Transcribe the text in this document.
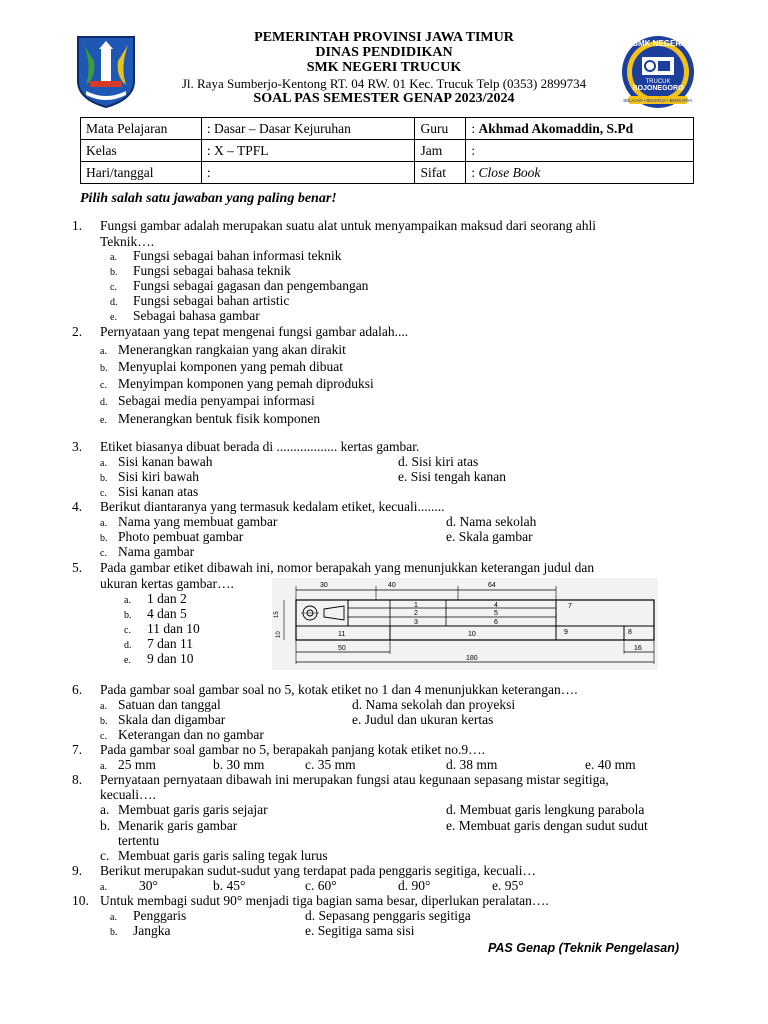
SMK NEGERI
TRUCUK
BOJONEGORO
BELAJAR • BEKERJA • BERKARYA
PEMERINTAH PROVINSI JAWA TIMUR
DINAS PENDIDIKAN
SMK NEGERI TRUCUK
Jl. Raya Sumberjo-Kentong RT. 04 RW. 01 Kec. Trucuk Telp (0353) 2899734
SOAL PAS SEMESTER GENAP 2023/2024
Mata Pelajaran	: Dasar – Dasar Kejuruhan	Guru	: Akhmad Akomaddin, S.Pd
Kelas	: X – TPFL	Jam	:
Hari/tanggal	:	Sifat	: Close Book
Pilih salah satu jawaban yang paling benar!
1. Fungsi gambar adalah merupakan suatu alat untuk menyampaikan maksud dari seorang ahli
Teknik….
a. Fungsi sebagai bahan informasi teknik
b. Fungsi sebagai bahasa teknik
c. Fungsi sebagai gagasan dan pengembangan
d. Fungsi sebagai bahan artistic
e. Sebagai bahasa gambar
2. Pernyataan yang tepat mengenai fungsi gambar adalah....
a. Menerangkan rangkaian yang akan dirakit
b. Menyuplai komponen yang pemah dibuat
c. Menyimpan komponen yang pemah diproduksi
d. Sebagai media penyampai informasi
e. Menerangkan bentuk fisik komponen
3. Etiket biasanya dibuat berada di .................. kertas gambar.
a. Sisi kanan bawah	d. Sisi kiri atas
b. Sisi kiri bawah	e. Sisi tengah kanan
c. Sisi kanan atas
4. Berikut diantaranya yang termasuk kedalam etiket, kecuali........
a. Nama yang membuat gambar	d. Nama sekolah
b. Photo pembuat gambar	e. Skala gambar
c. Nama gambar
5. Pada gambar etiket dibawah ini, nomor berapakah yang menunjukkan keterangan judul dan
ukuran kertas gambar….
a. 1 dan 2
b. 4 dan 5
c. 11 dan 10
d. 7 dan 11
e. 9 dan 10
30	40	64
15
10
1
2
3
4
5
6
7
8
9
10
11
50	16
180
6. Pada gambar soal gambar soal no 5, kotak etiket no 1 dan 4 menunjukkan keterangan….
a. Satuan dan tanggal	d. Nama sekolah dan proyeksi
b. Skala dan digambar	e. Judul dan ukuran kertas
c. Keterangan dan no gambar
7. Pada gambar soal gambar no 5, berapakah panjang kotak etiket no.9….
a. 25 mm	b. 30 mm	c. 35 mm	d. 38 mm	e. 40 mm
8. Pernyataan pernyataan dibawah ini merupakan fungsi atau kegunaan sepasang mistar segitiga,
kecuali….
a. Membuat garis garis sejajar	d. Membuat garis lengkung parabola
b. Menarik garis gambar	e. Membuat garis dengan sudut sudut
tertentu
c. Membuat garis garis saling tegak lurus
9. Berikut merupakan sudut-sudut yang terdapat pada penggaris segitiga, kecuali…
a. 30°	b. 45°	c. 60°	d. 90°	e. 95°
10. Untuk membagi sudut 90° menjadi tiga bagian sama besar, diperlukan peralatan….
a. Penggaris	d. Sepasang penggaris segitiga
b. Jangka	e. Segitiga sama sisi
PAS Genap (Teknik Pengelasan)
